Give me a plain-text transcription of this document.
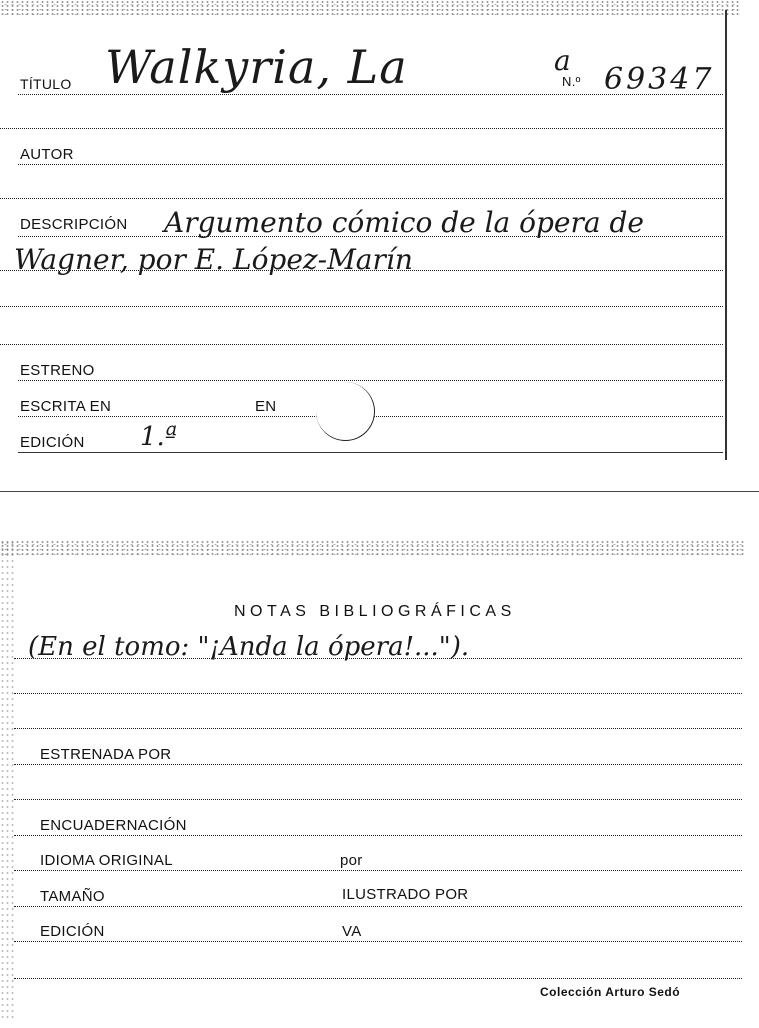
TÍTULO Walkyria, La	a
N.º 69347
AUTOR
DESCRIPCIÓN Argumento cómico de la ópera de
Wagner, por E. López-Marín
ESTRENO
ESCRITA EN	EN
EDICIÓN 1.ª
NOTAS BIBLIOGRÁFICAS
(En el tomo: "¡Anda la ópera!...").
ESTRENADA POR
ENCUADERNACIÓN
IDIOMA ORIGINAL	por
TAMAÑO	ILUSTRADO POR
EDICIÓN	VA
Colección Arturo Sedó
